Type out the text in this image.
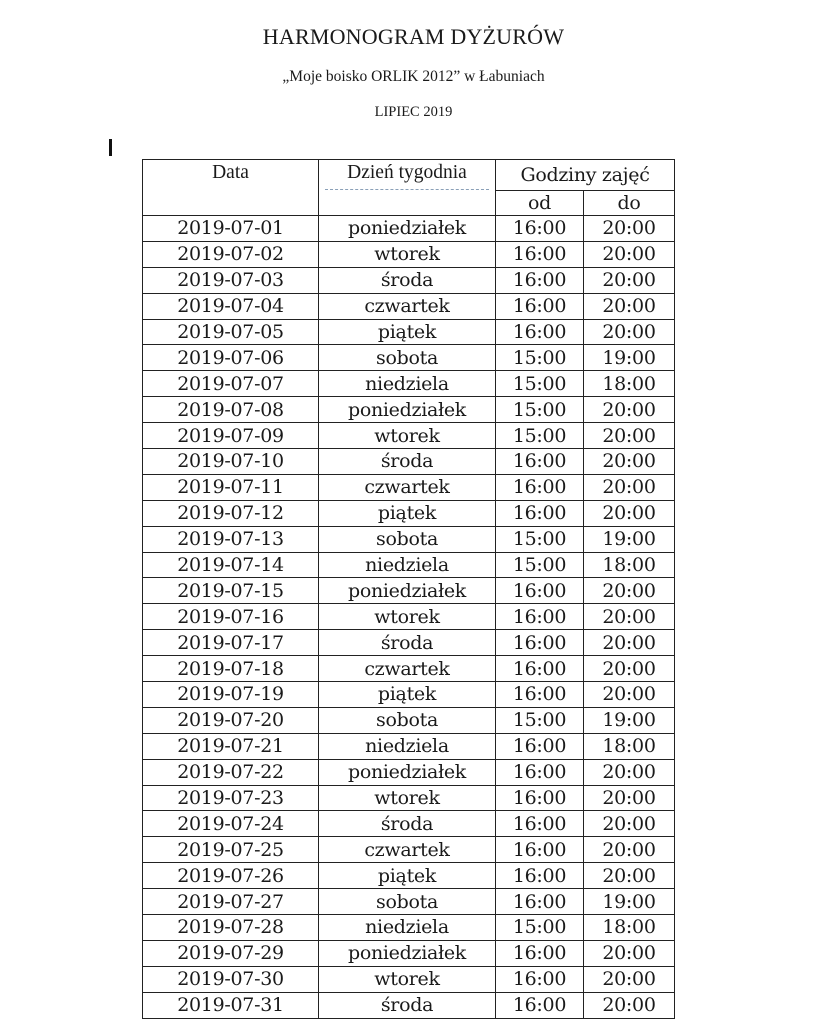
HARMONOGRAM DYŻURÓW
„Moje boisko ORLIK 2012” w Łabuniach
LIPIEC 2019
Data	Dzień tygodnia	Godziny zajęć	
		od	do
2019-07-01	poniedziałek	16:00	20:00
2019-07-02	wtorek	16:00	20:00
2019-07-03	środa	16:00	20:00
2019-07-04	czwartek	16:00	20:00
2019-07-05	piątek	16:00	20:00
2019-07-06	sobota	15:00	19:00
2019-07-07	niedziela	15:00	18:00
2019-07-08	poniedziałek	15:00	20:00
2019-07-09	wtorek	15:00	20:00
2019-07-10	środa	16:00	20:00
2019-07-11	czwartek	16:00	20:00
2019-07-12	piątek	16:00	20:00
2019-07-13	sobota	15:00	19:00
2019-07-14	niedziela	15:00	18:00
2019-07-15	poniedziałek	16:00	20:00
2019-07-16	wtorek	16:00	20:00
2019-07-17	środa	16:00	20:00
2019-07-18	czwartek	16:00	20:00
2019-07-19	piątek	16:00	20:00
2019-07-20	sobota	15:00	19:00
2019-07-21	niedziela	16:00	18:00
2019-07-22	poniedziałek	16:00	20:00
2019-07-23	wtorek	16:00	20:00
2019-07-24	środa	16:00	20:00
2019-07-25	czwartek	16:00	20:00
2019-07-26	piątek	16:00	20:00
2019-07-27	sobota	16:00	19:00
2019-07-28	niedziela	15:00	18:00
2019-07-29	poniedziałek	16:00	20:00
2019-07-30	wtorek	16:00	20:00
2019-07-31	środa	16:00	20:00
